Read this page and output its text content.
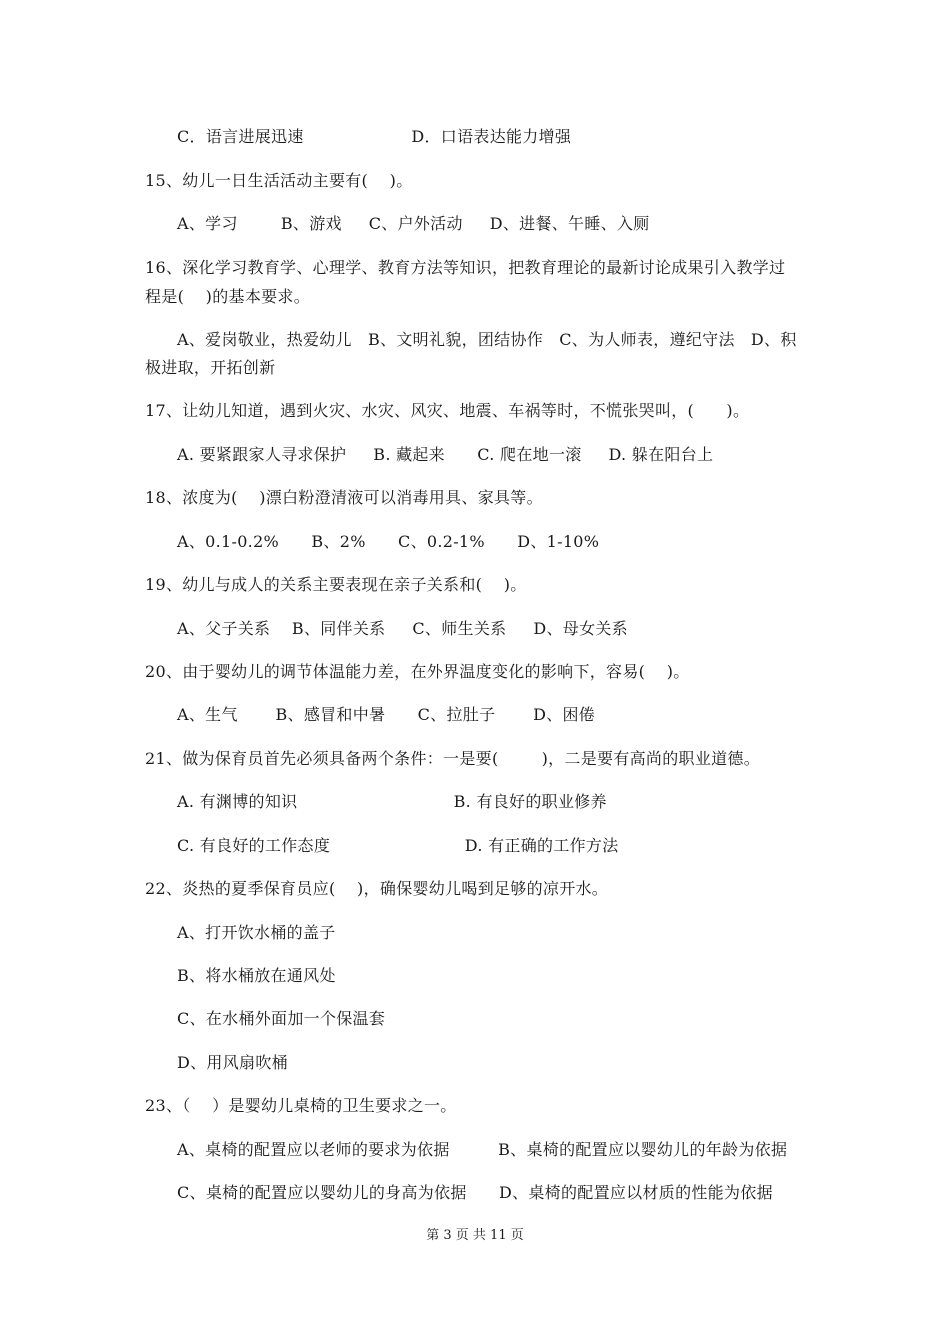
C．语言进展迅速                    D．口语表达能力增强
15、幼儿一日生活活动主要有(    )。
A、学习        B、游戏     C、户外活动     D、进餐、午睡、入厕
16、深化学习教育学、心理学、教育方法等知识，把教育理论的最新讨论成果引入教学过
程是(    )的基本要求。
A、爱岗敬业，热爱幼儿   B、文明礼貌，团结协作   C、为人师表，遵纪守法   D、积
极进取，开拓创新
17、让幼儿知道，遇到火灾、水灾、风灾、地震、车祸等时，不慌张哭叫，(      )。
A. 要紧跟家人寻求保护     B. 藏起来      C. 爬在地一滚     D. 躲在阳台上
18、浓度为(    )漂白粉澄清液可以消毒用具、家具等。
A、0.1-0.2%      B、2%      C、0.2-1%      D、1-10%
19、幼儿与成人的关系主要表现在亲子关系和(    )。
A、父子关系    B、同伴关系     C、师生关系     D、母女关系
20、由于婴幼儿的调节体温能力差，在外界温度变化的影响下，容易(    )。
A、生气       B、感冒和中暑      C、拉肚子       D、困倦
21、做为保育员首先必须具备两个条件：一是要(        )，二是要有高尚的职业道德。
A. 有渊博的知识                             B. 有良好的职业修养
C. 有良好的工作态度                         D. 有正确的工作方法
22、炎热的夏季保育员应(    )，确保婴幼儿喝到足够的凉开水。
A、打开饮水桶的盖子
B、将水桶放在通风处
C、在水桶外面加一个保温套
D、用风扇吹桶
23、（    ）是婴幼儿桌椅的卫生要求之一。
A、桌椅的配置应以老师的要求为依据         B、桌椅的配置应以婴幼儿的年龄为依据
C、桌椅的配置应以婴幼儿的身高为依据      D、桌椅的配置应以材质的性能为依据
第 3 页 共 11 页
